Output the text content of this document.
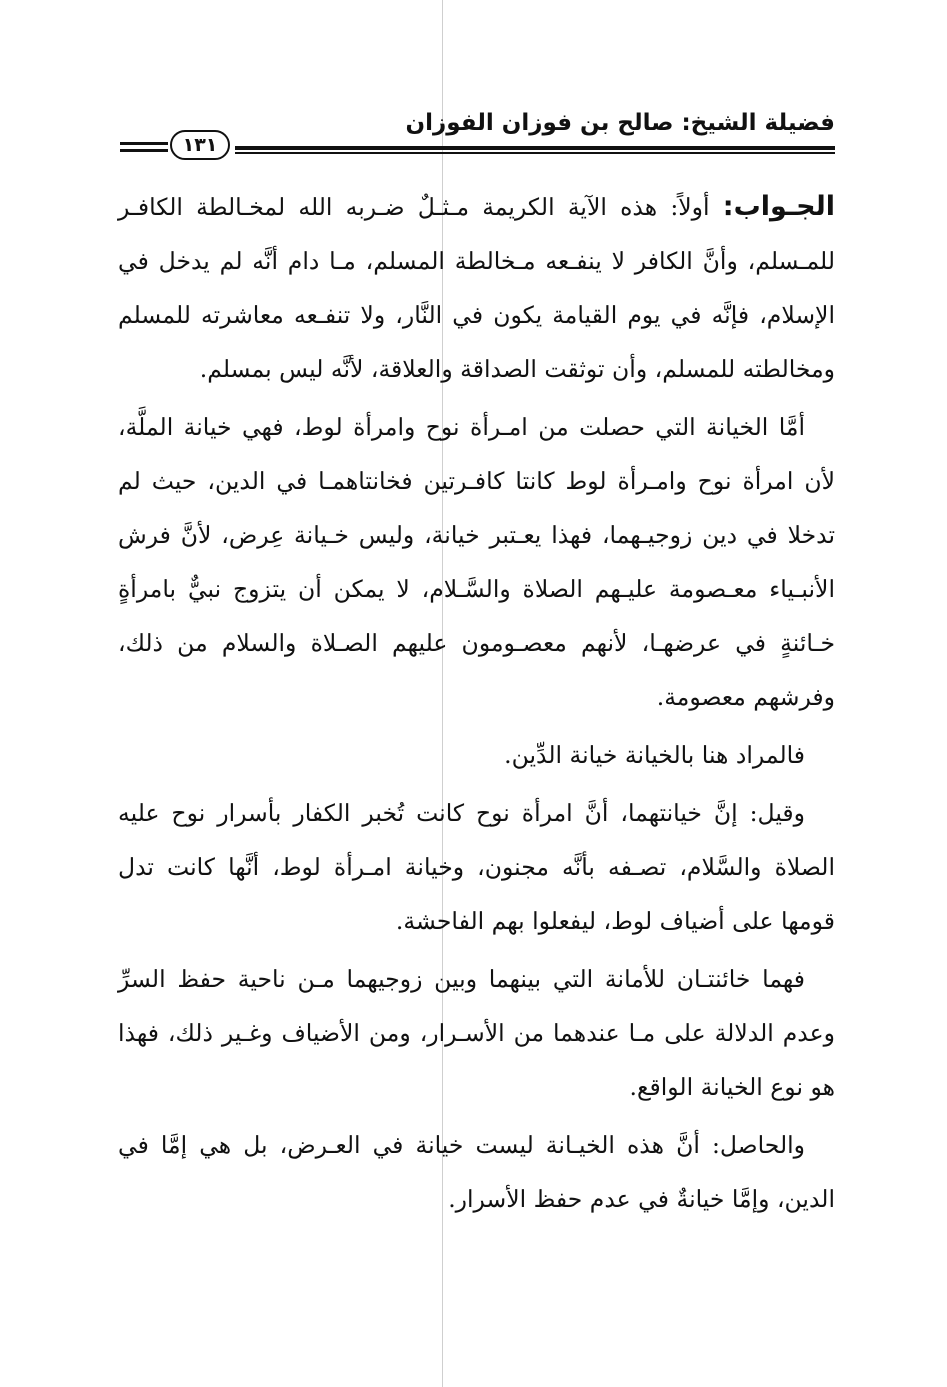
فضيلة الشيخ: صالح بن فوزان الفوزان
١٣١

الجـواب: أولاً: هذه الآية الكريمة مـثـلٌ ضـربه الله لمخـالطة الكافـر للمـسلم، وأنَّ الكافر لا ينفـعه مـخالطة المسلم، مـا دام أنَّه لم يدخل في الإسلام، فإنَّه في يوم القيامة يكون في النَّار، ولا تنفـعه معاشرته للمسلم ومخالطته للمسلم، وأن توثقت الصداقة والعلاقة، لأنَّه ليس بمسلم.

أمَّا الخيانة التي حصلت من امـرأة نوح وامرأة لوط، فهي خيانة الملَّة، لأن امرأة نوح وامـرأة لوط كانتا كافـرتين فخانتاهمـا في الدين، حيث لم تدخلا في دين زوجيـهما، فهذا يعـتبر خيانة، وليس خـيانة عِرض، لأنَّ فرش الأنبـياء معـصومة عليـهم الصلاة والسَّـلام، لا يمكن أن يتزوج نبيٌّ بامرأةٍ خـائنةٍ في عرضهـا، لأنهم معصـومون عليهم الصـلاة والسلام من ذلك، وفرشهم معصومة.

فالمراد هنا بالخيانة خيانة الدِّين.

وقيل: إنَّ خيانتهما، أنَّ امرأة نوح كانت تُخبر الكفار بأسرار نوح عليه الصلاة والسَّلام، تصـفه بأنَّه مجنون، وخيانة امـرأة لوط، أنَّها كانت تدل قومها على أضياف لوط، ليفعلوا بهم الفاحشة.

فهما خائنتـان للأمانة التي بينهما وبين زوجيهما مـن ناحية حفظ السرِّ وعدم الدلالة على مـا عندهما من الأسـرار، ومن الأضياف وغـير ذلك، فهذا هو نوع الخيانة الواقع.

والحاصل: أنَّ هذه الخيـانة ليست خيانة في العـرض، بل هي إمَّا في الدين، وإمَّا خيانةٌ في عدم حفظ الأسرار.
